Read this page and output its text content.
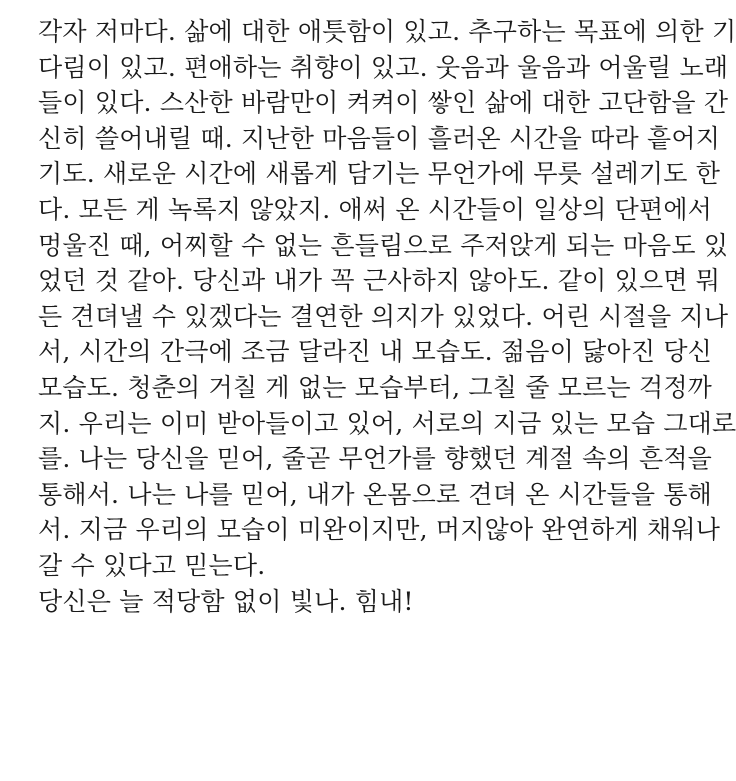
각자 저마다. 삶에 대한 애틋함이 있고. 추구하는 목표에 의한 기
다림이 있고. 편애하는 취향이 있고. 웃음과 울음과 어울릴 노래
들이 있다. 스산한 바람만이 켜켜이 쌓인 삶에 대한 고단함을 간
신히 쓸어내릴 때. 지난한 마음들이 흘러온 시간을 따라 흩어지
기도. 새로운 시간에 새롭게 담기는 무언가에 무릇 설레기도 한
다. 모든 게 녹록지 않았지. 애써 온 시간들이 일상의 단편에서
멍울진 때, 어찌할 수 없는 흔들림으로 주저앉게 되는 마음도 있
었던 것 같아. 당신과 내가 꼭 근사하지 않아도. 같이 있으면 뭐
든 견뎌낼 수 있겠다는 결연한 의지가 있었다. 어린 시절을 지나
서, 시간의 간극에 조금 달라진 내 모습도. 젊음이 닳아진 당신
모습도. 청춘의 거칠 게 없는 모습부터, 그칠 줄 모르는 걱정까
지. 우리는 이미 받아들이고 있어, 서로의 지금 있는 모습 그대로
를. 나는 당신을 믿어, 줄곧 무언가를 향했던 계절 속의 흔적을
통해서. 나는 나를 믿어, 내가 온몸으로 견뎌 온 시간들을 통해
서. 지금 우리의 모습이 미완이지만, 머지않아 완연하게 채워나
갈 수 있다고 믿는다.
당신은 늘 적당함 없이 빛나. 힘내!
